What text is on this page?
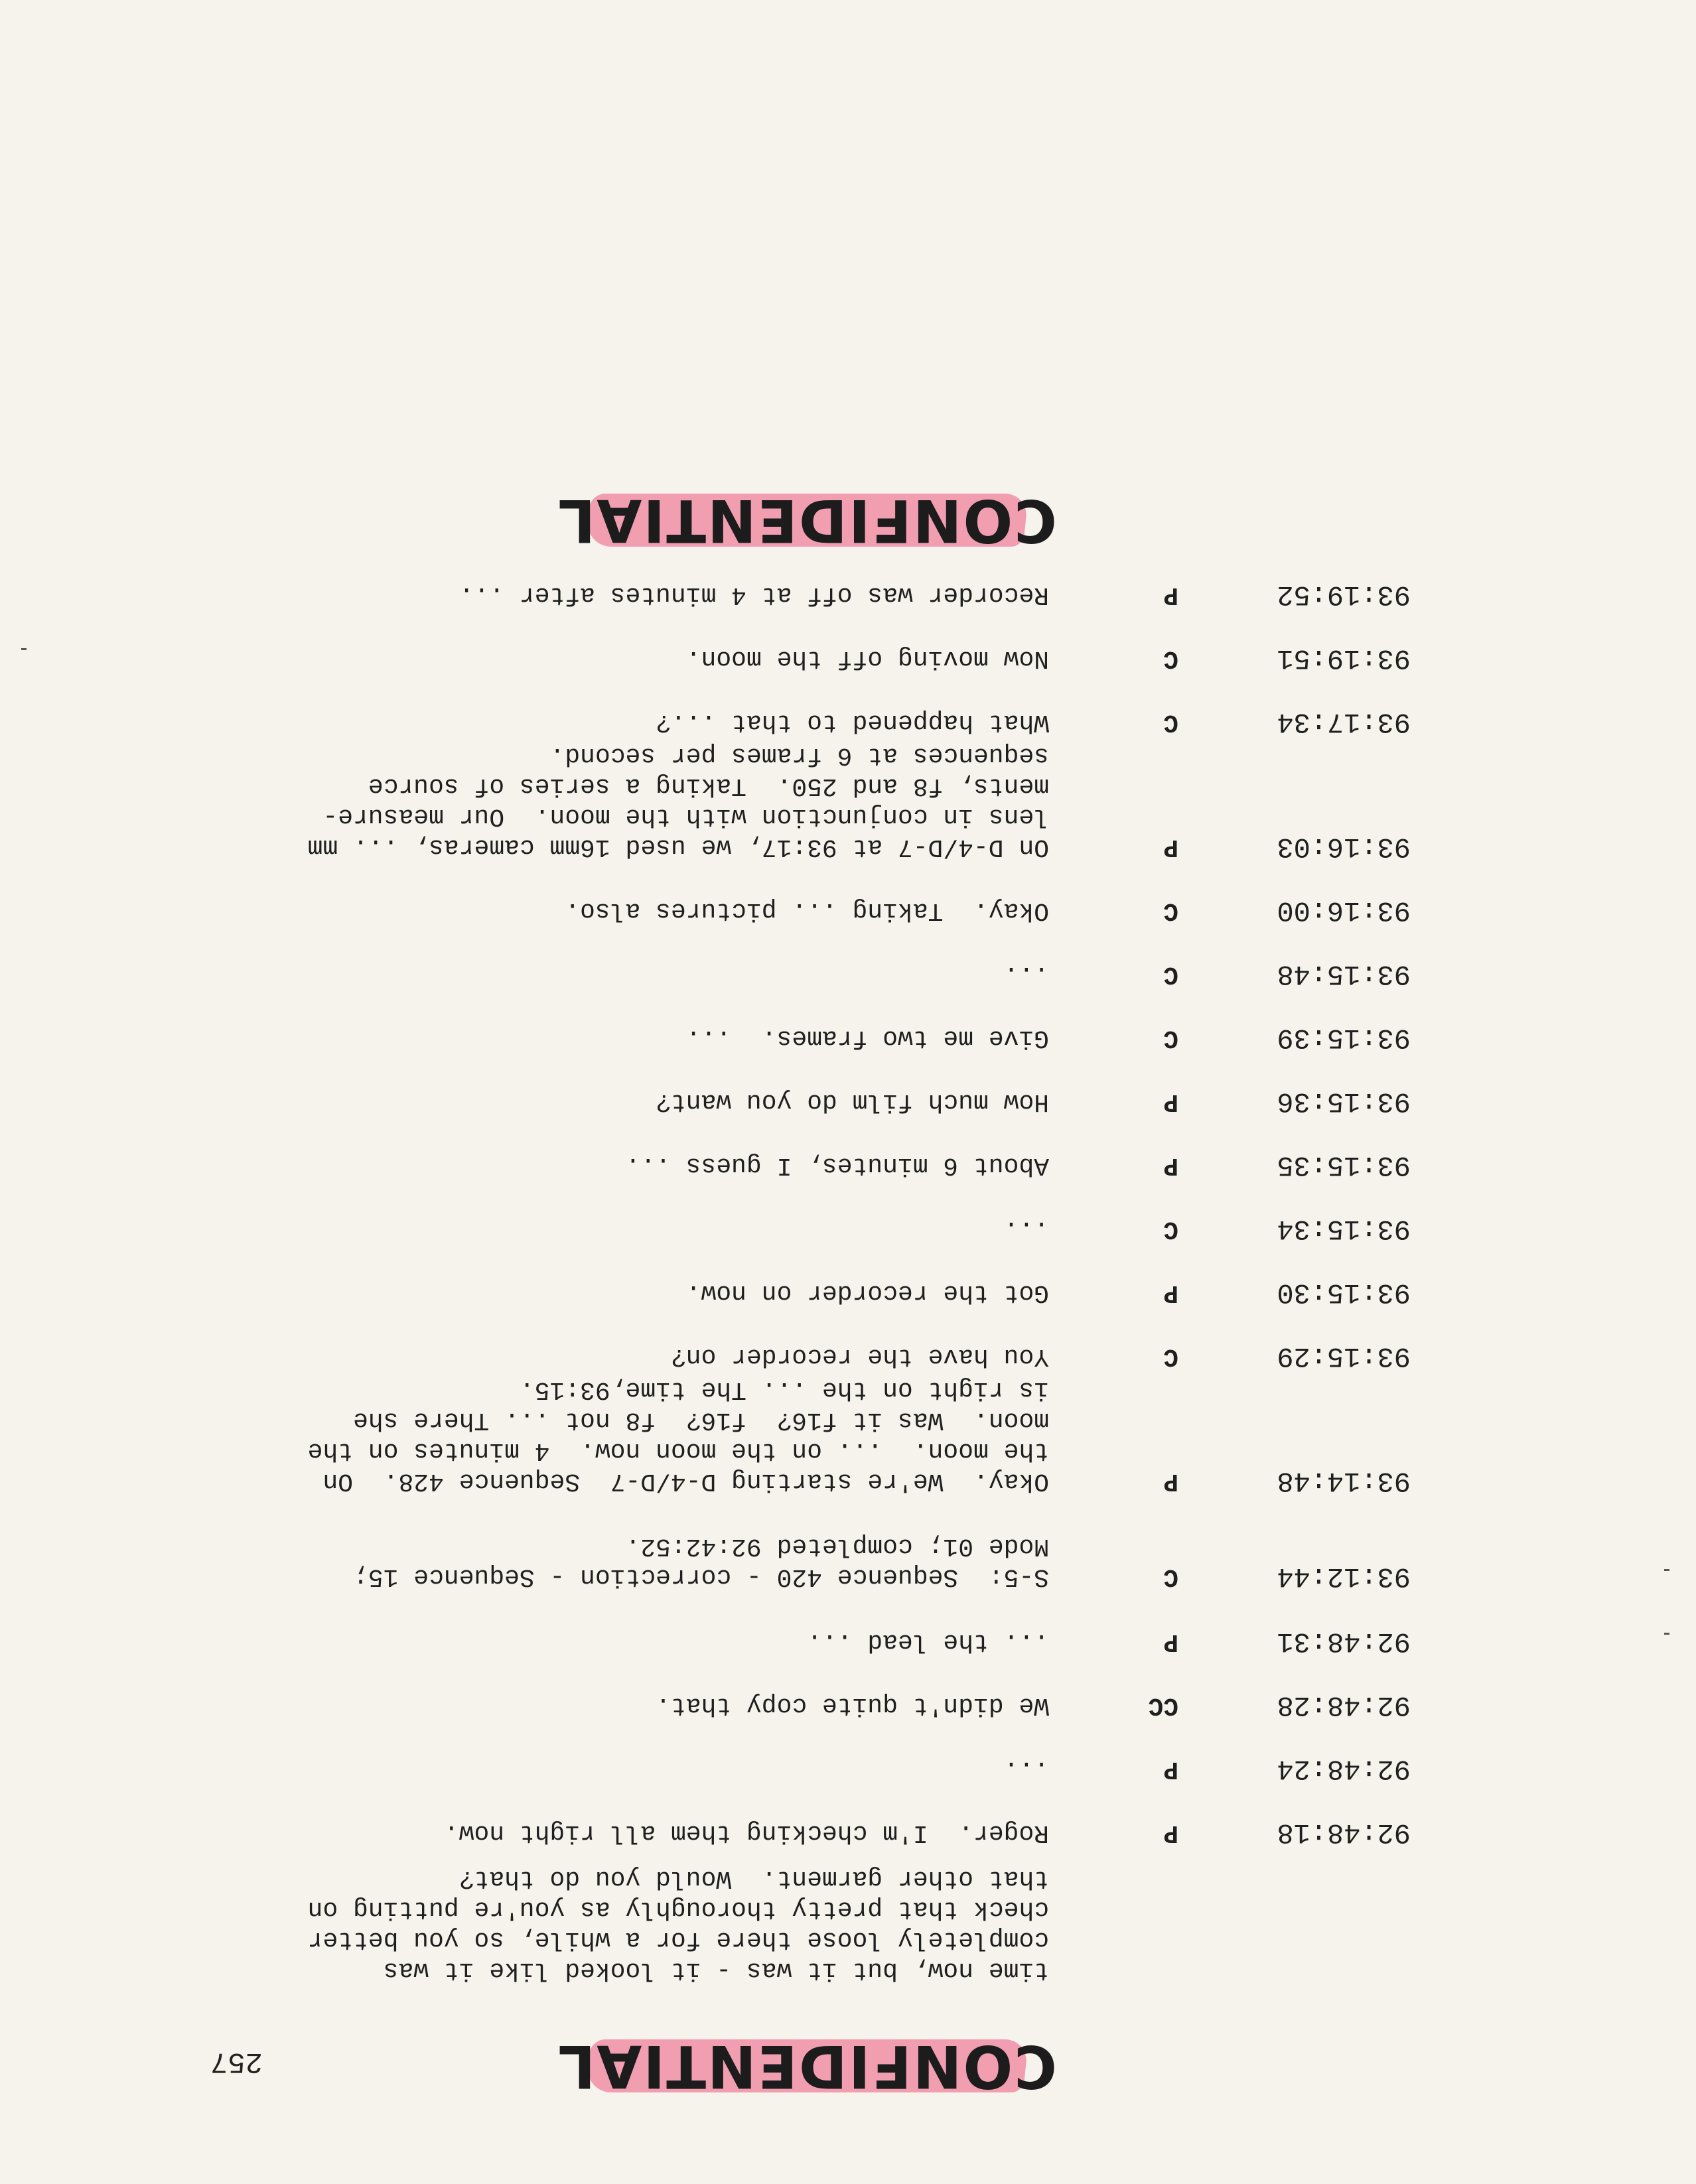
CONFIDENTIAL
257
time now, but it was - it looked like it was
completely loose there for a while, so you better
check that pretty thoroughly as you're putting on
that other garment.  Would you do that?
92:48:18
P
Roger.  I'm checking them all right now.
92:48:24
P
...
92:48:28
CC
We didn't quite copy that.
92:48:31
P
... the lead ...
93:12:44
C
S-5:  Sequence 420 - correction - Sequence 15;
Mode 01; completed 92:42:52.
93:14:48
P
Okay.  We're starting D-4/D-7  Sequence 428.  On
the moon.  ... on the moon now.  4 minutes on the
moon.  Was it f16?  f16?  f8 not ... There she
is right on the ... The time,93:15.
93:15:29
C
You have the recorder on?
93:15:30
P
Got the recorder on now.
93:15:34
C
...
93:15:35
P
About 6 minutes, I guess ...
93:15:36
P
How much film do you want?
93:15:39
C
Give me two frames.  ...
93:15:48
C
...
93:16:00
C
Okay.  Taking ... pictures also.
93:16:03
P
On D-4/D-7 at 93:17, we used 16mm cameras, ... mm
lens in conjunction with the moon.  Our measure-
ments, f8 and 250.  Taking a series of source
sequences at 6 frames per second.
93:17:34
C
What happened to that ...?
93:19:51
C
Now moving off the moon.
93:19:52
P
Recorder was off at 4 minutes after ...
CONFIDENTIAL
